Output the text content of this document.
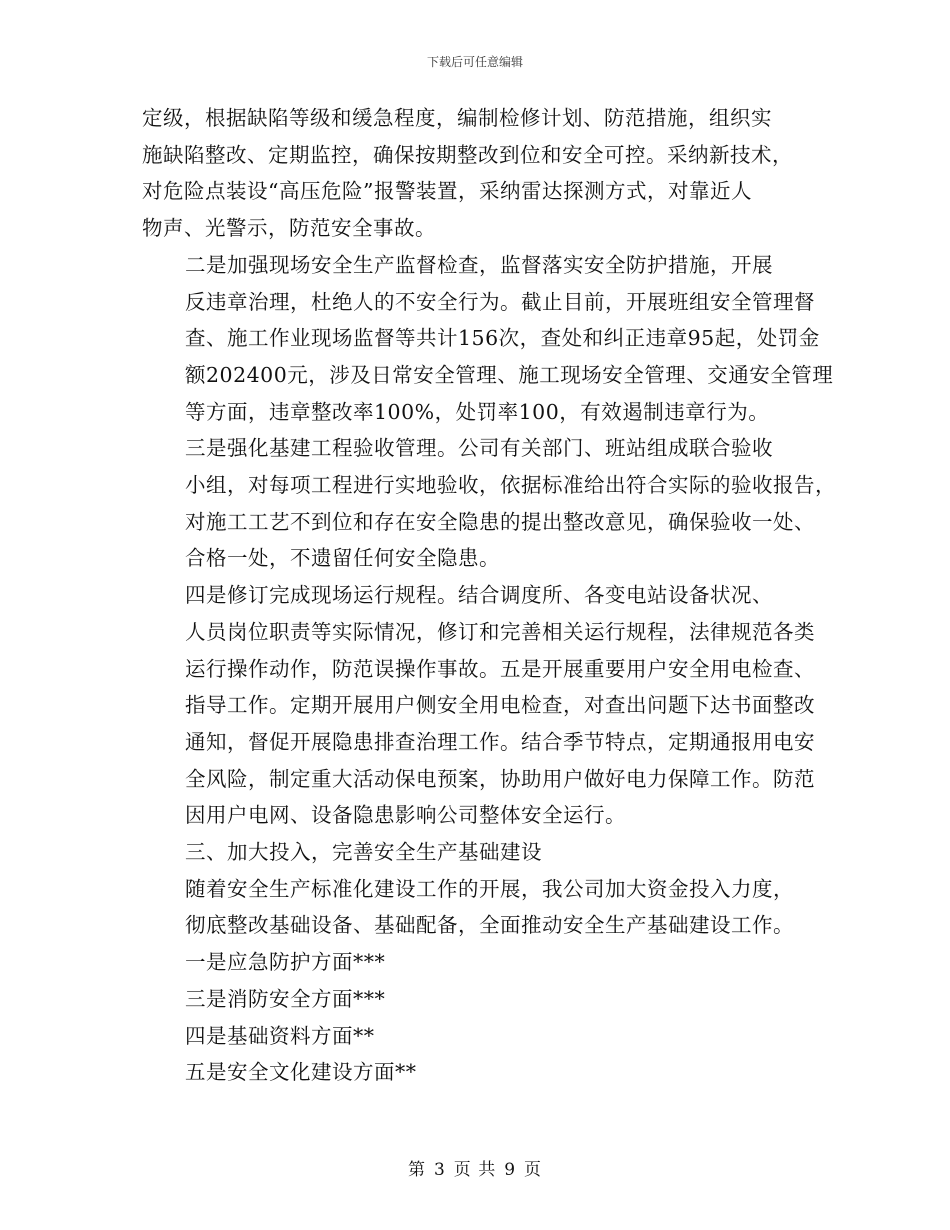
下载后可任意编辑

定级，根据缺陷等级和缓急程度，编制检修计划、防范措施，组织实
施缺陷整改、定期监控，确保按期整改到位和安全可控。采纳新技术，
对危险点装设“高压危险”报警装置，采纳雷达探测方式，对靠近人
物声、光警示，防范安全事故。

二是加强现场安全生产监督检查，监督落实安全防护措施，开展
反违章治理，杜绝人的不安全行为。截止目前，开展班组安全管理督
查、施工作业现场监督等共计156次，查处和纠正违章95起，处罚金
额202400元，涉及日常安全管理、施工现场安全管理、交通安全管理
等方面，违章整改率100%，处罚率100，有效遏制违章行为。

三是强化基建工程验收管理。公司有关部门、班站组成联合验收
小组，对每项工程进行实地验收，依据标准给出符合实际的验收报告，
对施工工艺不到位和存在安全隐患的提出整改意见，确保验收一处、
合格一处，不遗留任何安全隐患。

四是修订完成现场运行规程。结合调度所、各变电站设备状况、
人员岗位职责等实际情况，修订和完善相关运行规程，法律规范各类
运行操作动作，防范误操作事故。五是开展重要用户安全用电检查、
指导工作。定期开展用户侧安全用电检查，对查出问题下达书面整改
通知，督促开展隐患排查治理工作。结合季节特点，定期通报用电安
全风险，制定重大活动保电预案，协助用户做好电力保障工作。防范
因用户电网、设备隐患影响公司整体安全运行。

三、加大投入，完善安全生产基础建设

随着安全生产标准化建设工作的开展，我公司加大资金投入力度，
彻底整改基础设备、基础配备，全面推动安全生产基础建设工作。

一是应急防护方面***

三是消防安全方面***

四是基础资料方面**

五是安全文化建设方面**

第 3 页 共 9 页
